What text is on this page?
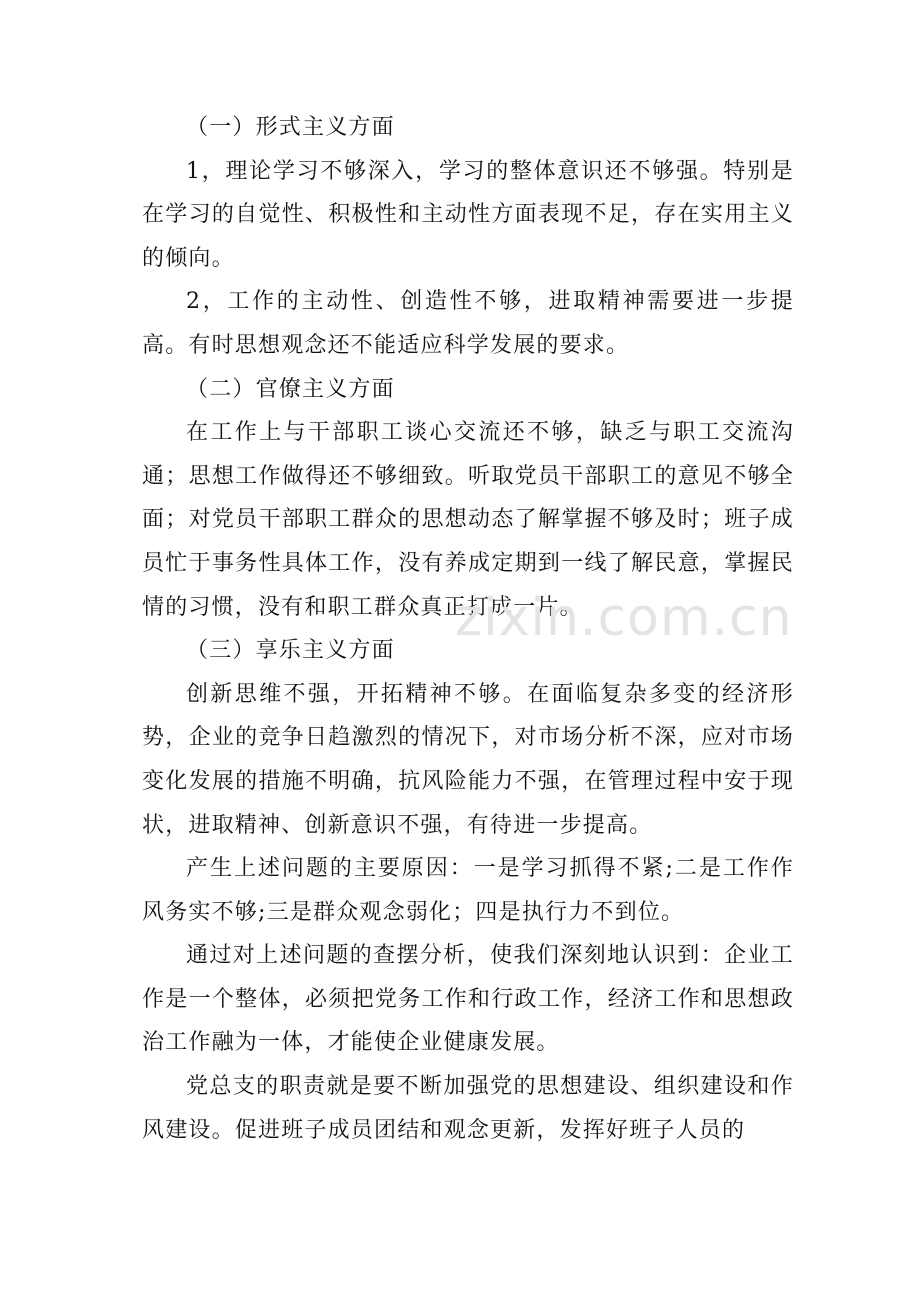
（一）形式主义方面

1，理论学习不够深入，学习的整体意识还不够强。特别是在学习的自觉性、积极性和主动性方面表现不足，存在实用主义的倾向。

2，工作的主动性、创造性不够，进取精神需要进一步提高。有时思想观念还不能适应科学发展的要求。

（二）官僚主义方面

在工作上与干部职工谈心交流还不够，缺乏与职工交流沟通；思想工作做得还不够细致。听取党员干部职工的意见不够全面；对党员干部职工群众的思想动态了解掌握不够及时；班子成员忙于事务性具体工作，没有养成定期到一线了解民意，掌握民情的习惯，没有和职工群众真正打成一片。

（三）享乐主义方面

创新思维不强，开拓精神不够。在面临复杂多变的经济形势，企业的竞争日趋激烈的情况下，对市场分析不深，应对市场变化发展的措施不明确，抗风险能力不强，在管理过程中安于现状，进取精神、创新意识不强，有待进一步提高。

产生上述问题的主要原因：一是学习抓得不紧;二是工作作风务实不够;三是群众观念弱化；四是执行力不到位。

通过对上述问题的查摆分析，使我们深刻地认识到：企业工作是一个整体，必须把党务工作和行政工作，经济工作和思想政治工作融为一体，才能使企业健康发展。

党总支的职责就是要不断加强党的思想建设、组织建设和作风建设。促进班子成员团结和观念更新，发挥好班子人员的

zixin.com.cn
